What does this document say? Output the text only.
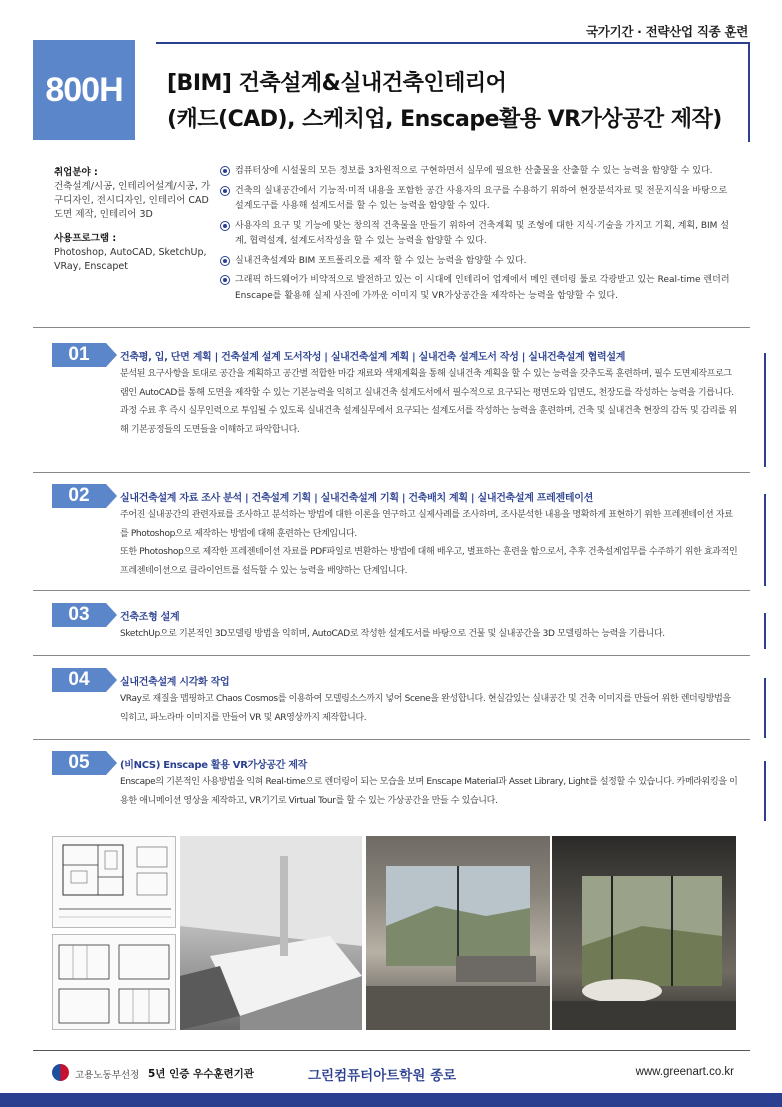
국가기간 · 전략산업 직종 훈련
800H	[BIM] 건축설계&실내건축인테리어
(캐드(CAD), 스케치업, Enscape활용 VR가상공간 제작)
취업분야 :
건축설계/시공, 인테리어설계/시공, 가구디자인, 전시디자인, 인테리어 CAD도면 제작, 인테리어 3D
사용프로그램 :
Photoshop, AutoCAD, SketchUp, VRay, Enscapet
컴퓨터상에 시설물의 모든 정보를 3차원적으로 구현하면서 실무에 필요한 산출물을 산출할 수 있는 능력을 함양할 수 있다.
건축의 실내공간에서 기능적·미적 내용을 포함한 공간 사용자의 요구를 수용하기 위하여 현장분석자료 및 전문지식을 바탕으로 설계도구를 사용해 설계도서를 할 수 있는 능력을 함양할 수 있다.
사용자의 요구 및 기능에 맞는 창의적 건축물을 만들기 위하여 건축계획 및 조형에 대한 지식·기술을 가지고 기획, 계획, BIM 설계, 협력설계, 설계도서작성을 할 수 있는 능력을 함양할 수 있다.
실내건축설계와 BIM 포트폴리오를 제작 할 수 있는 능력을 함양할 수 있다.
그래픽 하드웨어가 비약적으로 발전하고 있는 이 시대에 인테리어 업계에서 메인 렌더링 툴로 각광받고 있는 Real-time 렌더러 Enscape를 활용해 실제 사진에 가까운 이미지 및 VR가상공간을 제작하는 능력을 함양할 수 있다.
01	건축평, 입, 단면 계획 | 건축설계 설계 도서작성 | 실내건축설계 계획 | 실내건축 설계도서 작성 | 실내건축설계 협력설계
분석된 요구사항을 토대로 공간을 계획하고 공간별 적합한 마감 재료와 색채계획을 통해 실내건축 계획을 할 수 있는 능력을 갖추도록 훈련하며, 필수 도면제작프로그램인 AutoCAD를 통해 도면을 제작할 수 있는 기본능력을 익히고 실내건축 설계도서에서 필수적으로 요구되는 평면도와 입면도, 천장도를 작성하는 능력을 기릅니다.
과정 수료 후 즉시 실무인력으로 투입될 수 있도록 실내건축 설계실무에서 요구되는 설계도서를 작성하는 능력을 훈련하며, 건축 및 실내건축 현장의 감독 및 감리를 위해 기본공정들의 도면들을 이해하고 파악합니다.
02	실내건축설계 자료 조사 분석 | 건축설계 기획 | 실내건축설계 기획 | 건축배치 계획 | 실내건축설계 프레젠테이션
주어진 실내공간의 관련자료를 조사하고 분석하는 방법에 대한 이론을 연구하고 실제사례를 조사하며, 조사분석한 내용을 명확하게 표현하기 위한 프레젠테이션 자료를 Photoshop으로 제작하는 방법에 대해 훈련하는 단계입니다.
또한 Photoshop으로 제작한 프레젠테이션 자료를 PDF파일로 변환하는 방법에 대해 배우고, 별표하는 훈련을 함으로서, 추후 건축설계업무를 수주하기 위한 효과적인 프레젠테이션으로 클라이언트를 설득할 수 있는 능력을 배양하는 단계입니다.
03	건축조형 설계
SketchUp으로 기본적인 3D모델링 방법을 익히며, AutoCAD로 작성한 설계도서를 바탕으로 건물 및 실내공간을 3D 모델링하는 능력을 기릅니다.
04	실내건축설계 시각화 작업
VRay로 재질을 맵핑하고 Chaos Cosmos를 이용하여 모델링소스까지 넣어 Scene을 완성합니다. 현실감있는 실내공간 및 건축 이미지를 만들어 위한 렌더링방법을 익히고, 파노라마 이미지를 만들어 VR 및 AR영상까지 제작합니다.
05	(비NCS) Enscape 활용 VR가상공간 제작
Enscape의 기본적인 사용방법을 익혀 Real-time으로 렌더링이 되는 모습을 보며 Enscape Material과 Asset Library, Light를 설정할 수 있습니다. 카메라워킹을 이용한 애니메이션 영상을 제작하고, VR기기로 Virtual Tour를 할 수 있는 가상공간을 만들 수 있습니다.
고용노동부선정 5년 인증 우수훈련기관	그린컴퓨터아트학원 종로	www.greenart.co.kr
